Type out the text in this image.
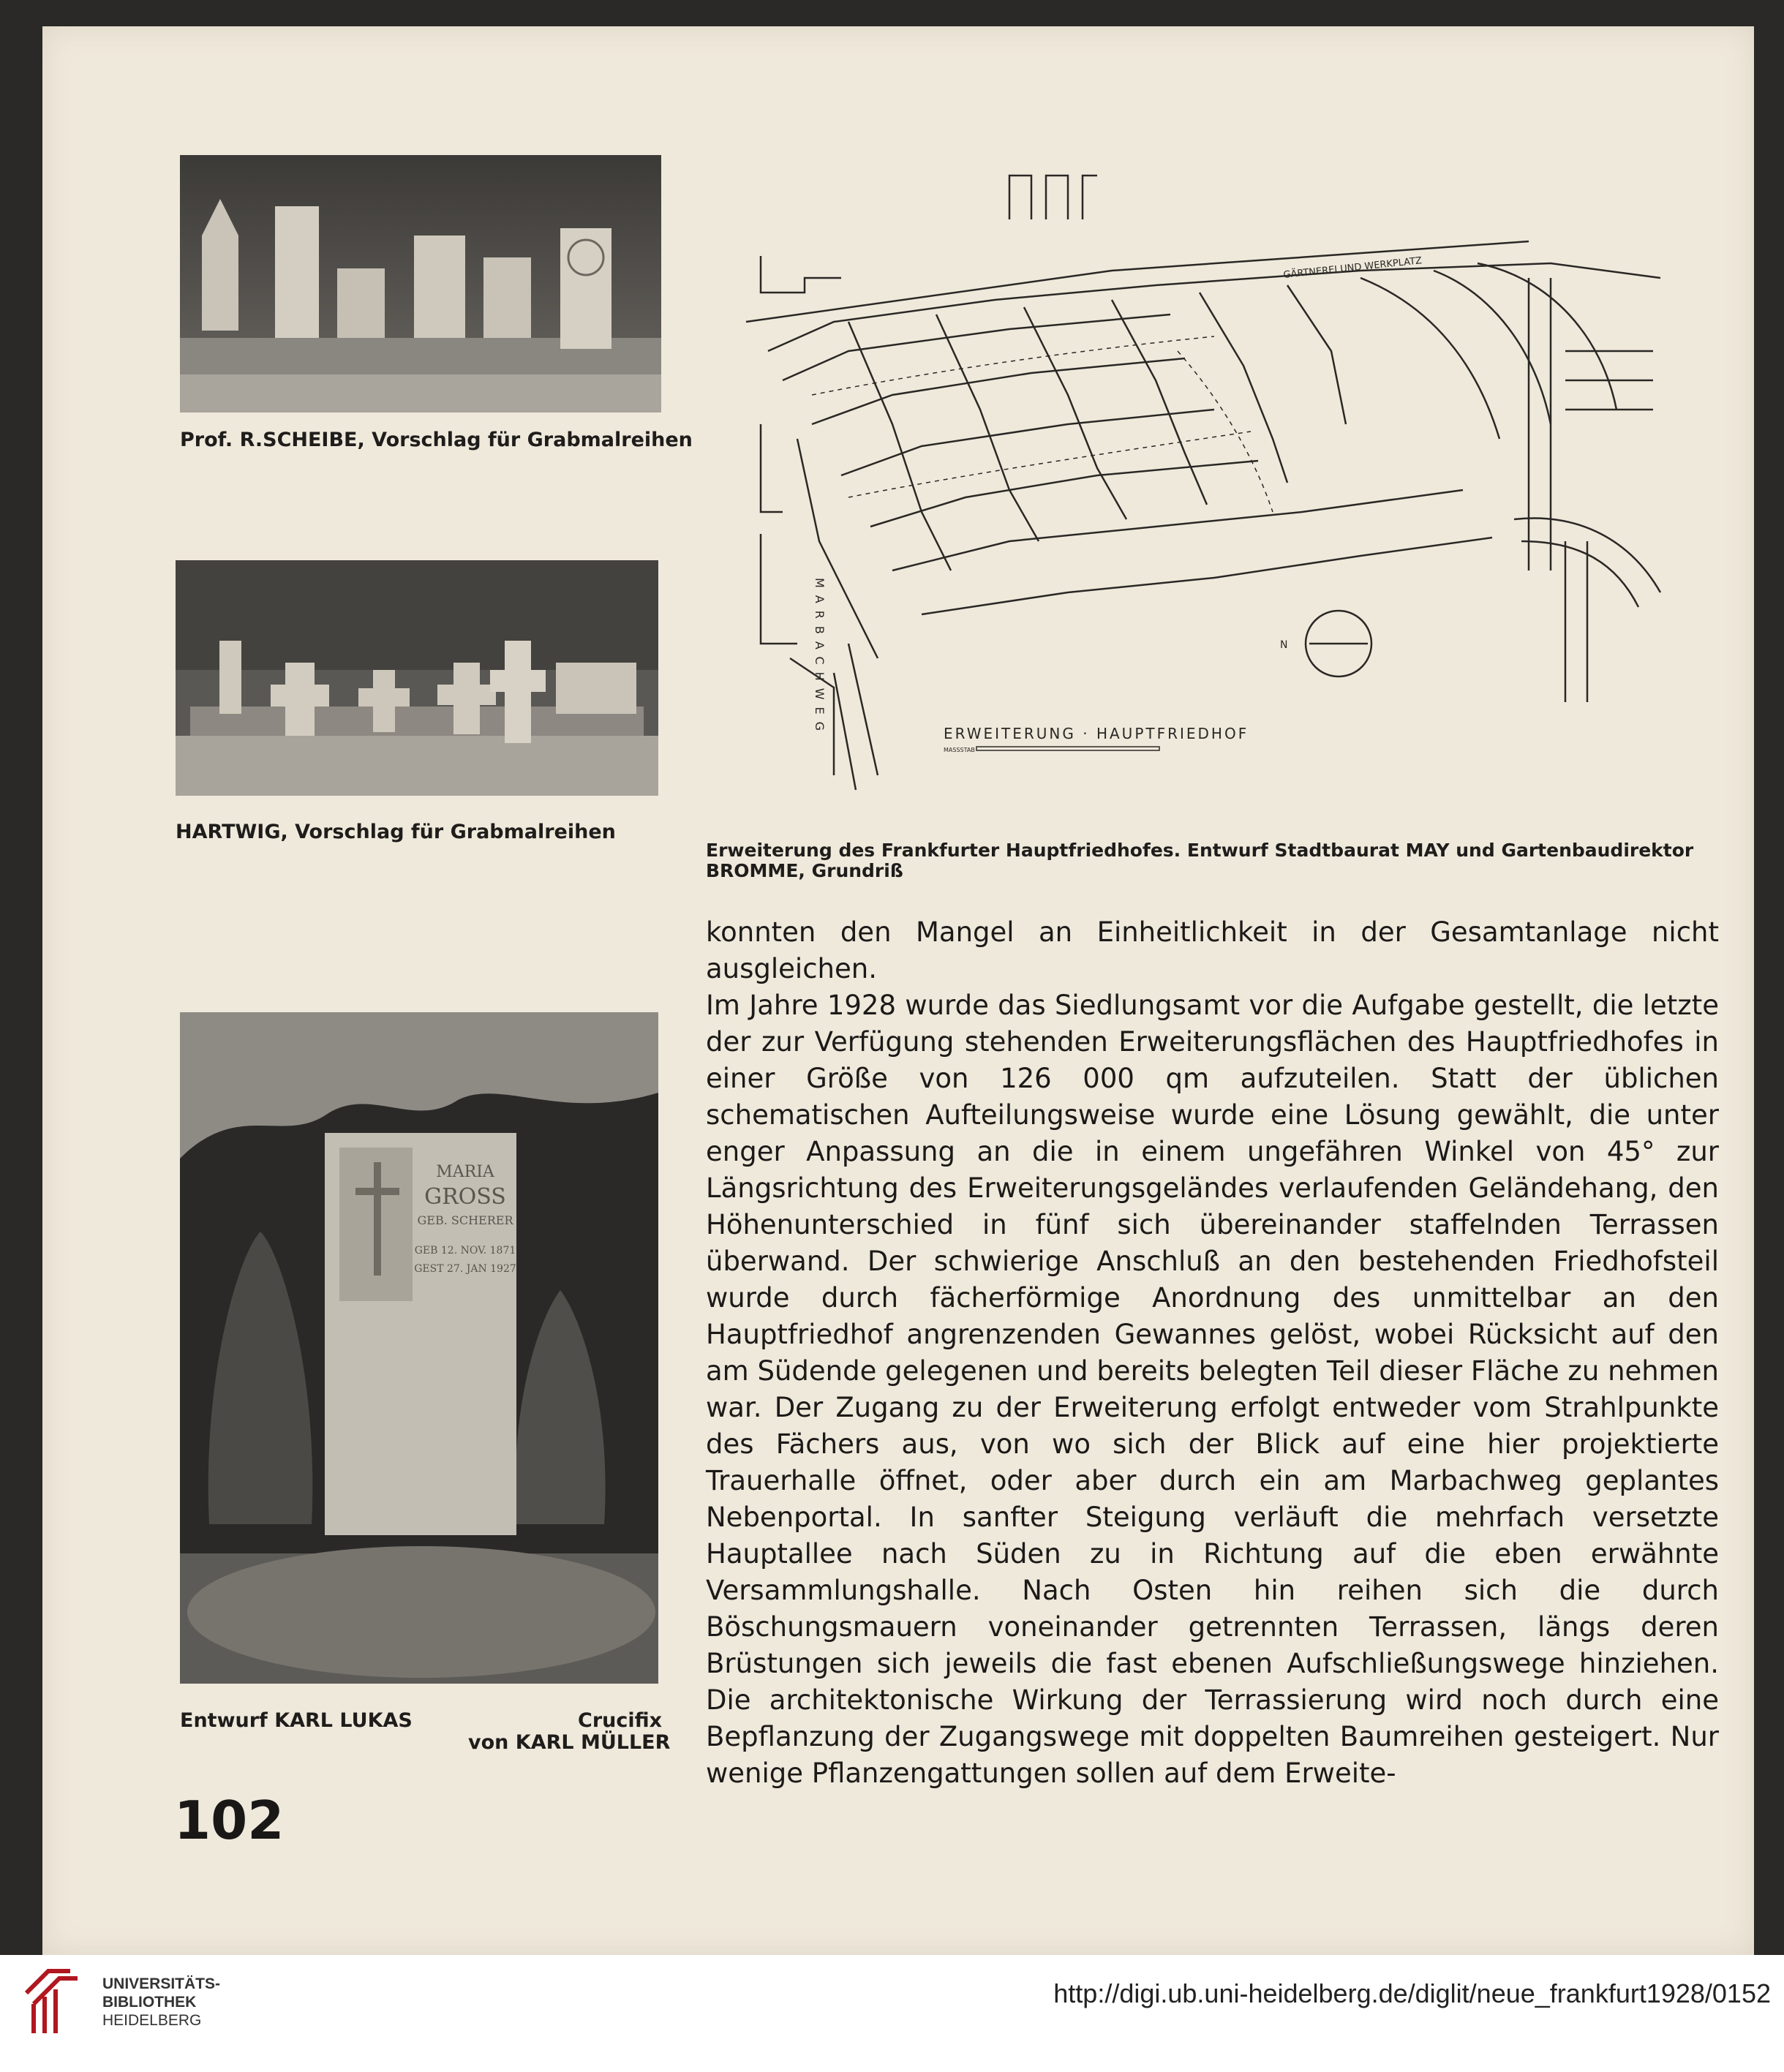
Prof. R.SCHEIBE, Vorschlag für Grabmalreihen
HARTWIG, Vorschlag für Grabmalreihen
GÄRTNEREI UND WERKPLATZ
MARBACHWEG	N
ERWEITERUNG · HAUPTFRIEDHOF
MASSSTAB
Erweiterung des Frankfurter Hauptfriedhofes. Entwurf Stadtbaurat MAY und Gartenbaudirektor
BROMME, Grundriß
MARIA
GROSS
GEB. SCHERER
GEB 12. NOV. 1871
GEST 27. JAN 1927
Entwurf KARL LUKAS	Crucifix
von KARL MÜLLER

konnten den Mangel an Einheitlichkeit in der Gesamtanlage nicht ausgleichen.

Im Jahre 1928 wurde das Siedlungsamt vor die Aufgabe gestellt, die letzte der zur Verfügung stehenden Erweiterungsflächen des Hauptfriedhofes in einer Größe von 126 000 qm aufzuteilen. Statt der üblichen schematischen Aufteilungsweise wurde eine Lösung gewählt, die unter enger Anpassung an die in einem ungefähren Winkel von 45° zur Längsrichtung des Erweiterungsgeländes verlaufenden Geländehang, den Höhenunterschied in fünf sich übereinander staffelnden Terrassen überwand. Der schwierige Anschluß an den bestehenden Friedhofsteil wurde durch fächerförmige Anordnung des unmittelbar an den Hauptfriedhof angrenzenden Gewannes gelöst, wobei Rücksicht auf den am Südende gelegenen und bereits belegten Teil dieser Fläche zu nehmen war. Der Zugang zu der Erweiterung erfolgt entweder vom Strahlpunkte des Fächers aus, von wo sich der Blick auf eine hier projektierte Trauerhalle öffnet, oder aber durch ein am Marbachweg geplantes Nebenportal. In sanfter Steigung verläuft die mehrfach versetzte Hauptallee nach Süden zu in Richtung auf die eben erwähnte Versammlungshalle. Nach Osten hin reihen sich die durch Böschungsmauern voneinander getrennten Terrassen, längs deren Brüstungen sich jeweils die fast ebenen Aufschließungswege hinziehen. Die architektonische Wirkung der Terrassierung wird noch durch eine Bepflanzung der Zugangswege mit doppelten Baumreihen gesteigert. Nur wenige Pflanzengattungen sollen auf dem Erweite-

102
UNIVERSITÄTS-
BIBLIOTHEK
HEIDELBERG
http://digi.ub.uni-heidelberg.de/diglit/neue_frankfurt1928/0152
